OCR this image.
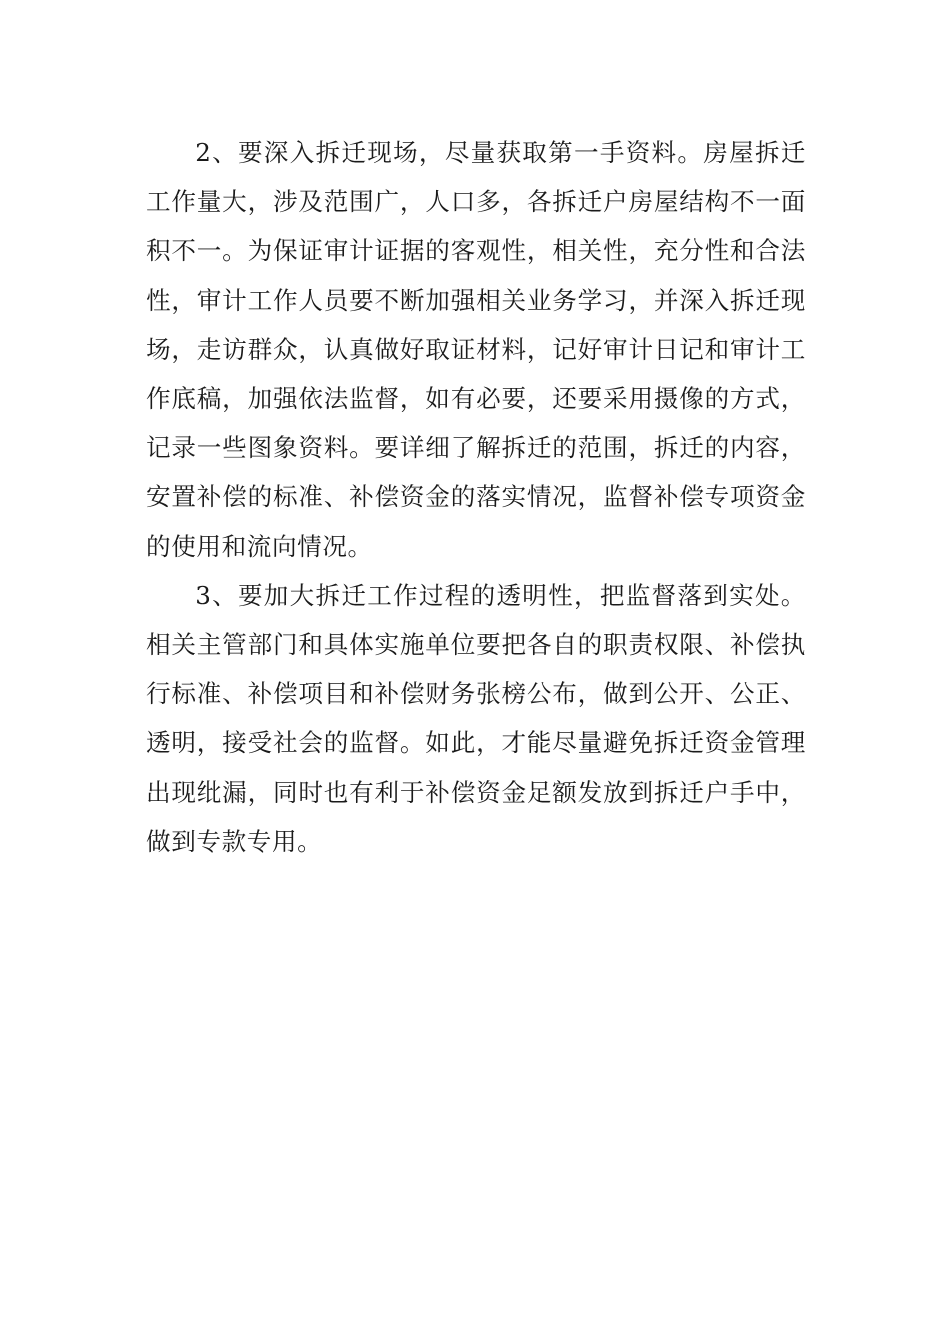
2、要深入拆迁现场，尽量获取第一手资料。房屋拆迁工作量大，涉及范围广，人口多，各拆迁户房屋结构不一面积不一。为保证审计证据的客观性，相关性，充分性和合法性，审计工作人员要不断加强相关业务学习，并深入拆迁现场，走访群众，认真做好取证材料，记好审计日记和审计工作底稿，加强依法监督，如有必要，还要采用摄像的方式，记录一些图象资料。要详细了解拆迁的范围，拆迁的内容，安置补偿的标准、补偿资金的落实情况，监督补偿专项资金的使用和流向情况。

3、要加大拆迁工作过程的透明性，把监督落到实处。相关主管部门和具体实施单位要把各自的职责权限、补偿执行标准、补偿项目和补偿财务张榜公布，做到公开、公正、透明，接受社会的监督。如此，才能尽量避免拆迁资金管理出现纰漏，同时也有利于补偿资金足额发放到拆迁户手中，做到专款专用。
